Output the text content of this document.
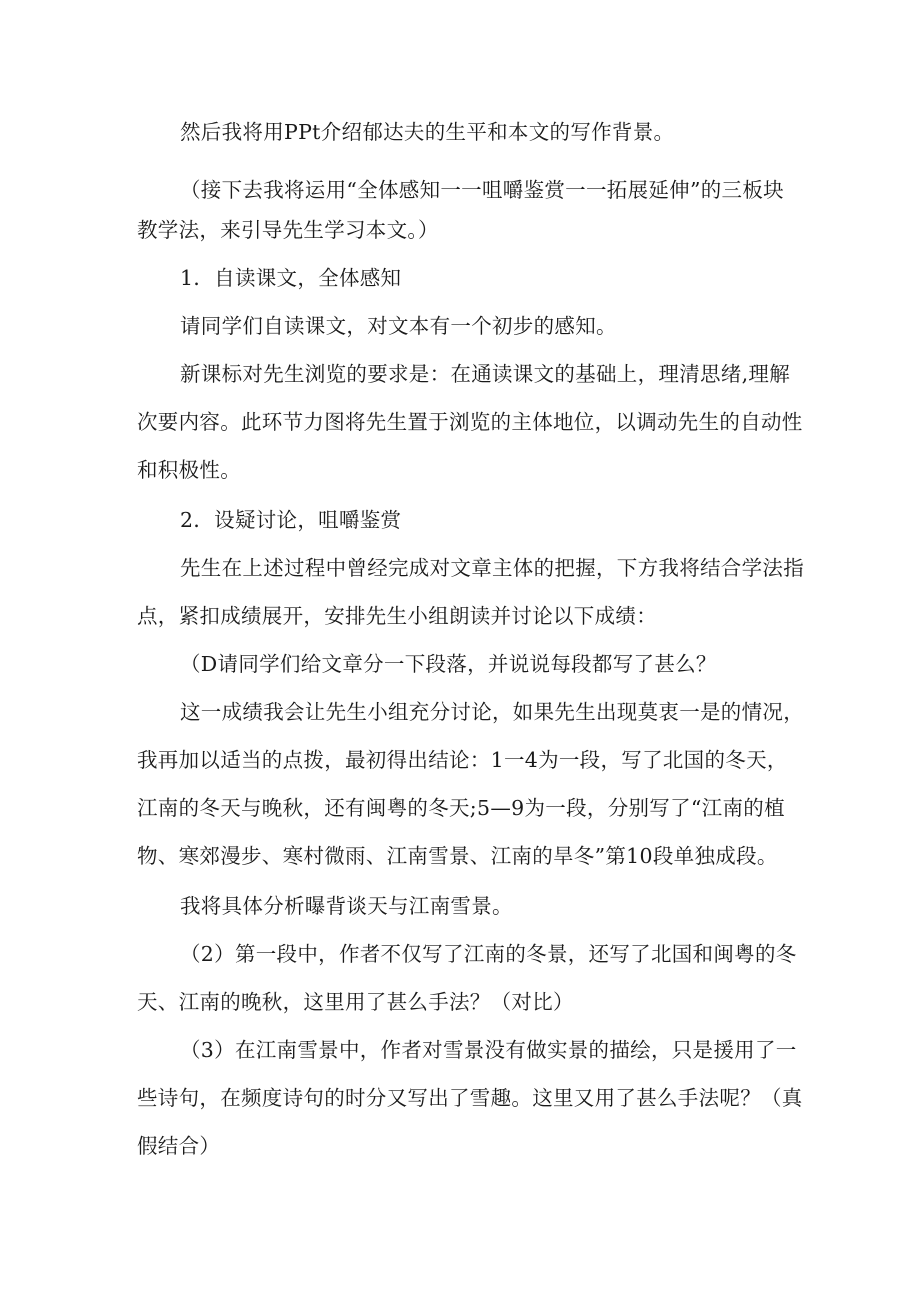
然后我将用PPt介绍郁达夫的生平和本文的写作背景。
（接下去我将运用“全体感知一一咀嚼鉴赏一一拓展延伸”的三板块
教学法，来引导先生学习本文。）
1．自读课文，全体感知
请同学们自读课文，对文本有一个初步的感知。
新课标对先生浏览的要求是：在通读课文的基础上，理清思绪,理解
次要内容。此环节力图将先生置于浏览的主体地位，以调动先生的自动性
和积极性。
2．设疑讨论，咀嚼鉴赏
先生在上述过程中曾经完成对文章主体的把握，下方我将结合学法指
点，紧扣成绩展开，安排先生小组朗读并讨论以下成绩：
（D请同学们给文章分一下段落，并说说每段都写了甚么？
这一成绩我会让先生小组充分讨论，如果先生出现莫衷一是的情况，
我再加以适当的点拨，最初得出结论：1一4为一段，写了北国的冬天，
江南的冬天与晚秋，还有闽粤的冬天;5—9为一段，分别写了“江南的植
物、寒郊漫步、寒村微雨、江南雪景、江南的旱冬”第10段单独成段。
我将具体分析曝背谈天与江南雪景。
（2）第一段中，作者不仅写了江南的冬景，还写了北国和闽粤的冬
天、江南的晚秋，这里用了甚么手法？（对比）
（3）在江南雪景中，作者对雪景没有做实景的描绘，只是援用了一
些诗句，在频度诗句的时分又写出了雪趣。这里又用了甚么手法呢？（真
假结合）
